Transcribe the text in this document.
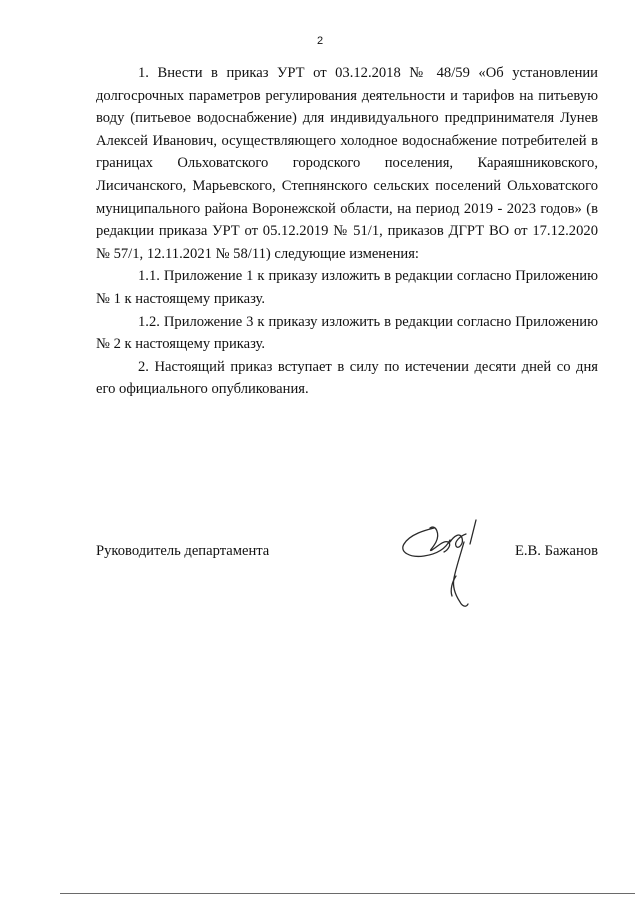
2

1. Внести в приказ УРТ от 03.12.2018 № 48/59 «Об установлении долгосрочных параметров регулирования деятельности и тарифов на питьевую воду (питьевое водоснабжение) для индивидуального предпринимателя Лунев Алексей Иванович, осуществляющего холодное водоснабжение потребителей в границах Ольховатского городского поселения, Караяшниковского, Лисичанского, Марьевского, Степнянского сельских поселений Ольховатского муниципального района Воронежской области, на период 2019 - 2023 годов» (в редакции приказа УРТ от 05.12.2019 № 51/1, приказов ДГРТ ВО от 17.12.2020 № 57/1, 12.11.2021 № 58/11) следующие изменения:

1.1. Приложение 1 к приказу изложить в редакции согласно Приложению № 1 к настоящему приказу.

1.2. Приложение 3 к приказу изложить в редакции согласно Приложению № 2 к настоящему приказу.

2. Настоящий приказ вступает в силу по истечении десяти дней со дня его официального опубликования.

Руководитель департамента	Е.В. Бажанов
